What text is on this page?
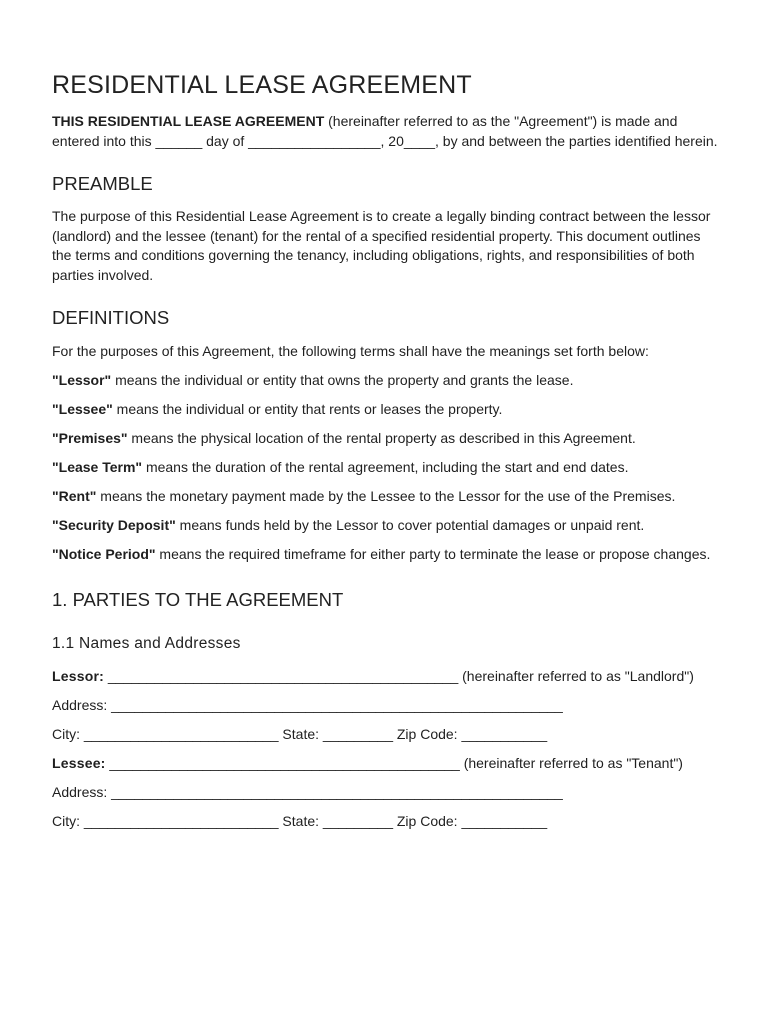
RESIDENTIAL LEASE AGREEMENT

THIS RESIDENTIAL LEASE AGREEMENT (hereinafter referred to as the "Agreement") is made and entered into this ______ day of _________________, 20____, by and between the parties identified herein.

PREAMBLE

The purpose of this Residential Lease Agreement is to create a legally binding contract between the lessor (landlord) and the lessee (tenant) for the rental of a specified residential property. This document outlines the terms and conditions governing the tenancy, including obligations, rights, and responsibilities of both parties involved.

DEFINITIONS

For the purposes of this Agreement, the following terms shall have the meanings set forth below:

"Lessor" means the individual or entity that owns the property and grants the lease.

"Lessee" means the individual or entity that rents or leases the property.

"Premises" means the physical location of the rental property as described in this Agreement.

"Lease Term" means the duration of the rental agreement, including the start and end dates.

"Rent" means the monetary payment made by the Lessee to the Lessor for the use of the Premises.

"Security Deposit" means funds held by the Lessor to cover potential damages or unpaid rent.

"Notice Period" means the required timeframe for either party to terminate the lease or propose changes.

1. PARTIES TO THE AGREEMENT
1.1 Names and Addresses

Lessor: _____________________________________________ (hereinafter referred to as "Landlord")

Address: __________________________________________________________

City: _________________________ State: _________ Zip Code: ___________

Lessee: _____________________________________________ (hereinafter referred to as "Tenant")

Address: __________________________________________________________

City: _________________________ State: _________ Zip Code: ___________
